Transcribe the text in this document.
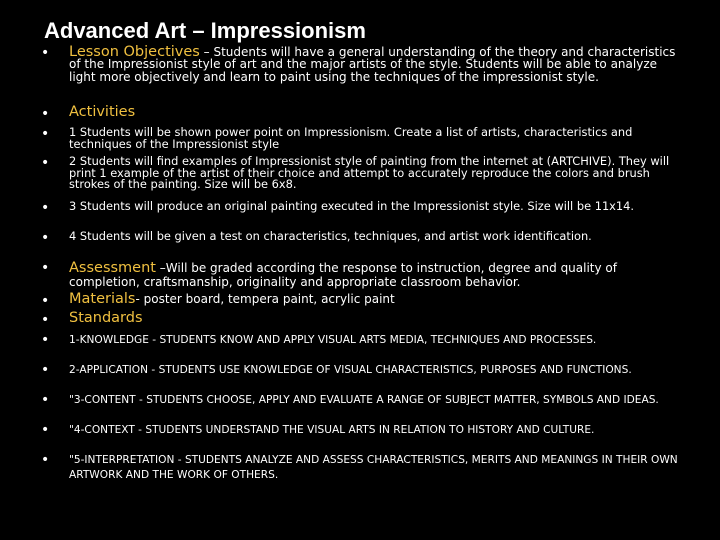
Advanced Art – Impressionism
• Lesson Objectives – Students will have a general understanding of the theory and characteristics of the Impressionist style of art and the major artists of the style. Students will be able to analyze light more objectively and learn to paint using the techniques of the impressionist style.
• Activities
• 1 Students will be shown power point on Impressionism. Create a list of artists, characteristics and techniques of the Impressionist style
• 2 Students will find examples of Impressionist style of painting from the internet at (ARTCHIVE). They will print 1 example of the artist of their choice and attempt to accurately reproduce the colors and brush strokes of the painting. Size will be 6x8.
• 3 Students will produce an original painting executed in the Impressionist style. Size will be 11x14.
• 4 Students will be given a test on characteristics, techniques, and artist work identification.
• Assessment –Will be graded according the response to instruction, degree and quality of completion, craftsmanship, originality and appropriate classroom behavior.
• Materials- poster board, tempera paint, acrylic paint
• Standards
• 1-KNOWLEDGE - STUDENTS KNOW AND APPLY VISUAL ARTS MEDIA, TECHNIQUES AND PROCESSES.
• 2-APPLICATION - STUDENTS USE KNOWLEDGE OF VISUAL CHARACTERISTICS, PURPOSES AND FUNCTIONS.
• "3-CONTENT - STUDENTS CHOOSE, APPLY AND EVALUATE A RANGE OF SUBJECT MATTER, SYMBOLS AND IDEAS.
• "4-CONTEXT - STUDENTS UNDERSTAND THE VISUAL ARTS IN RELATION TO HISTORY AND CULTURE.
• "5-INTERPRETATION - STUDENTS ANALYZE AND ASSESS CHARACTERISTICS, MERITS AND MEANINGS IN THEIR OWN ARTWORK AND THE WORK OF OTHERS.
